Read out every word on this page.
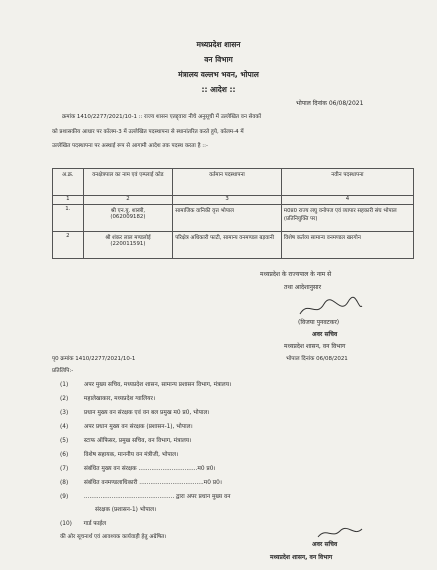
मध्यप्रदेश शासन
वन विभाग
मंत्रालय वल्लभ भवन, भोपाल
:: आदेश ::
भोपाल दिनांक 06/08/2021
क्रमांक 1410/2277/2021/10-1 :: राज्य शासन एतद्द्वारा नीचे अनुसूची में उल्लेखित वन सेवकों
को प्रशासकीय आधार पर कॉलम-3 में उल्लेखित पदस्थापना से स्थानांतरित करते हुये, कॉलम-4 में
उल्लेखित पदस्थापना पर अस्थाई रूप से आगामी आदेश तक पदस्थ करता है ::-
अ.क्र.	वनक्षेत्रपाल का नाम एवं एम्प्लाई कोड	वर्तमान पदस्थापना	नवीन पदस्थापना
1	2	3	4
1.	श्री एन.यु. शास्त्री,
(062009182)	सामाजिक वानिकी वृत्त भोपाल	म0प्र0 राज्य लघु वनोपज एवं व्यापार सहकारी संघ भोपाल (प्रतिनियुक्ति पर)
2	श्री शंकर लाल मण्डलोई
(220011591)	परिक्षेत्र अधिकारी फाटी, सामान्य वनमण्डल बड़वानी	विशेष कर्तव्य सामान्य वनमण्डल खरगोन
मध्यप्रदेश के राज्यपाल के नाम से
तथा आदेशानुसार
(विजया पुनवटकर)
अवर सचिव
मध्यप्रदेश शासन, वन विभाग
पृ0 क्रमांक 1410/2277/2021/10-1	भोपाल दिनांक 06/08/2021
प्रतिलिपि:-
(1)	अपर मुख्य सचिव, मध्यप्रदेश शासन, सामान्य प्रशासन विभाग, मंत्रालय।
(2)	महालेखाकार, मध्यप्रदेश ग्वालियर।
(3)	प्रधान मुख्य वन संरक्षक एवं वन बल प्रमुख म0 प्र0, भोपाल।
(4)	अपर प्रधान मुख्य वन संरक्षक (प्रशासन-1), भोपाल।
(5)	स्टाफ ऑफिसर, प्रमुख सचिव, वन विभाग, मंत्रालय।
(6)	विशेष सहायक, माननीय वन मंत्रीजी, भोपाल।
(7)	संबंधित मुख्य वन संरक्षक ................................म0 प्र0।
(8)	संबंधित वनमण्डलाधिकारी ...................................म0 प्र0।
(9)	................................................. द्वारा अपर प्रधान मुख्य वन
संरक्षक (प्रशासन-1) भोपाल।
(10) गार्ड फाईल
की ओर सूचनार्थ एवं आवश्यक कार्यवाही हेतु अग्रेषित।
अवर सचिव
मध्यप्रदेश शासन, वन विभाग
